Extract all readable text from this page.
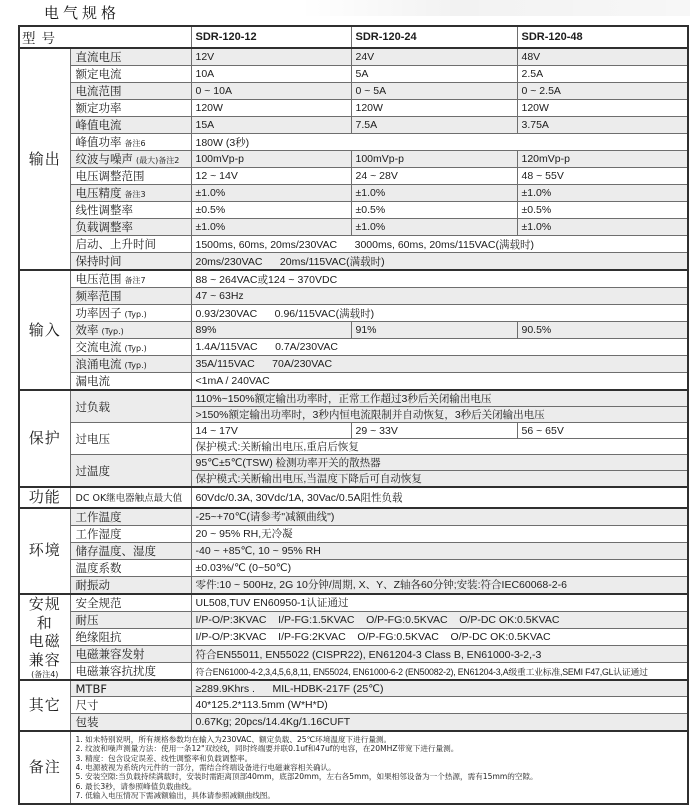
电气规格
型号		SDR-120-12	SDR-120-24	SDR-120-48

输出	直流电压	12V	24V	48V
	额定电流	10A	5A	2.5A
	电流范围	0 ~ 10A	0 ~ 5A	0 ~ 2.5A
	额定功率	120W	120W	120W
	峰值电流	15A	7.5A	3.75A
	峰值功率 备注6	180W (3秒)		
	纹波与噪声 (最大)备注2	100mVp-p	100mVp-p	120mVp-p
	电压调整范围	12 ~ 14V	24 ~ 28V	48 ~ 55V
	电压精度 备注3	±1.0%	±1.0%	±1.0%
	线性调整率	±0.5%	±0.5%	±0.5%
	负载调整率	±1.0%	±1.0%	±1.0%
	启动、上升时间	1500ms, 60ms, 20ms/230VAC      3000ms, 60ms, 20ms/115VAC(满载时)		
	保持时间	20ms/230VAC      20ms/115VAC(满载时)		

输入	电压范围 备注7	88 ~ 264VAC或124 ~ 370VDC		
	频率范围	47 ~ 63Hz		
	功率因子 (Typ.)	0.93/230VAC      0.96/115VAC(满载时)		
	效率 (Typ.)	89%	91%	90.5%
	交流电流 (Typ.)	1.4A/115VAC      0.7A/230VAC		
	浪涌电流 (Typ.)	35A/115VAC      70A/230VAC		
	漏电流	<1mA / 240VAC		

保护	过负载	110%~150%额定输出功率时，正常工作超过3秒后关闭输出电压		
		>150%额定输出功率时，3秒内恒电流限制并自动恢复，3秒后关闭输出电压		
	过电压	14 ~ 17V	29 ~ 33V	56 ~ 65V
		保护模式:关断输出电压,重启后恢复		
	过温度	95℃±5℃(TSW) 检测功率开关的散热器		
		保护模式:关断输出电压,当温度下降后可自动恢复		

功能	DC OK继电器触点最大值	60Vdc/0.3A, 30Vdc/1A, 30Vac/0.5A阻性负载		

环境	工作温度	-25~+70℃(请参考"减额曲线")		
	工作湿度	20 ~ 95% RH,无冷凝		
	储存温度、湿度	-40 ~ +85℃, 10 ~ 95% RH		
	温度系数	±0.03%/℃ (0~50℃)		
	耐振动	零件:10 ~ 500Hz, 2G 10分钟/周期, X、Y、Z轴各60分钟;安装:符合IEC60068-2-6		

安规和
电磁
兼容
(备注4)	安全规范	UL508,TUV EN60950-1认证通过		
	耐压	I/P-O/P:3KVAC    I/P-FG:1.5KVAC    O/P-FG:0.5KVAC    O/P-DC OK:0.5KVAC		
	绝缘阻抗	I/P-O/P:3KVAC    I/P-FG:2KVAC    O/P-FG:0.5KVAC    O/P-DC OK:0.5KVAC		
	电磁兼容发射	符合EN55011, EN55022 (CISPR22), EN61204-3 Class B, EN61000-3-2,-3		
	电磁兼容抗扰度	符合EN61000-4-2,3,4,5,6,8,11, EN55024, EN61000-6-2 (EN50082-2), EN61204-3,A级重工业标准,SEMI F47,GL认证通过		

其它	MTBF	≥289.9Khrs .      MIL-HDBK-217F (25℃)		
	尺寸	40*125.2*113.5mm (W*H*D)		
	包装	0.67Kg; 20pcs/14.4Kg/1.16CUFT		

备注

1. 如未特别说明，所有规格参数均在输入为230VAC、额定负载、25℃环境温度下进行量测。
2. 纹波和噪声测量方法：使用一条12"双绞线，同时终端要并联0.1uf和47uf的电容，在20MHZ带宽下进行量测。
3. 精度：包含设定误差、线性调整率和负载调整率。
4. 电源被视为系统内元件的一部分，需结合终端设备进行电磁兼容相关确认。
5. 安装空隙:当负载持续满载时，安装时需距离顶部40mm，底部20mm，左右各5mm，如果相邻设备为一个热源，需有15mm的空隙。
6. 最长3秒，请参照峰值负载曲线。
7. 低输入电压情况下需减额输出，具体请参照减额曲线图。
